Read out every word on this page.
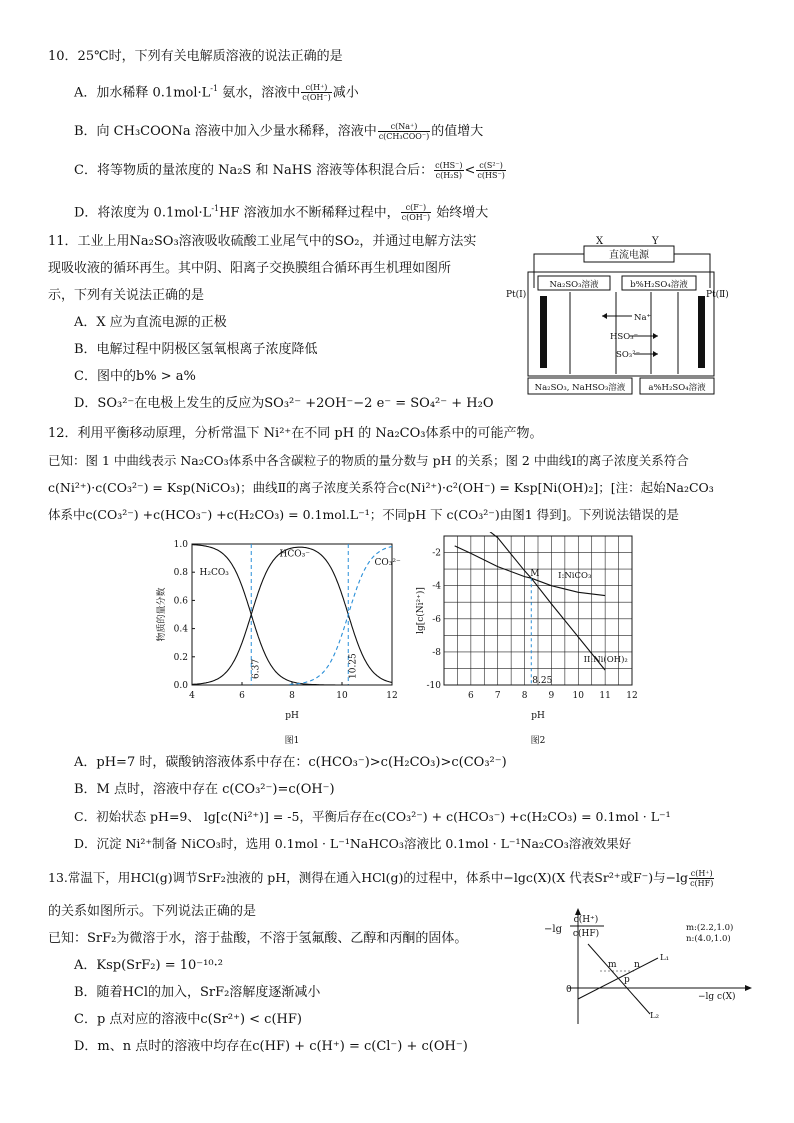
10．25℃时，下列有关电解质溶液的说法正确的是
A．加水稀释 $0.1mol\cdot L^{-1}$ 氨水，溶液中 $\frac{c(H^+)}{c(OH^-)}$ 减小
B．向 CH₃COONa 溶液中加入少量水稀释，溶液中 $\frac{c(Na^+)}{\text{c(CH₃COO⁻)}}$ 的值增大
C．将等物质的量浓度的 Na₂S 和 NaHS 溶液等体积混合后： $\frac{c(HS^-)}{\text{c(H₂S)}} < \frac{\text{c(S²⁻)}}{c(HS^-)}$
D．将浓度为 $0.1mol\cdot L^{-1}HF$ 溶液加水不断稀释过程中， $\frac{c(F^-)}{c(OH^-)}$ 始终增大
11．工业上用Na₂SO₃溶液吸收硫酸工业尾气中的SO₂，并通过电解方法实
现吸收液的循环再生。其中阴、阳离子交换膜组合循环再生机理如图所
示，下列有关说法正确的是
A．X 应为直流电源的正极
B．电解过程中阴极区氢氧根离子浓度降低
C．图中的b% > a%
D．SO₃²⁻在电极上发生的反应为SO₃²⁻ +2OH⁻−2 e⁻ = SO₄²⁻ + H₂O
直流电源
X	Y
Na₂SO₃溶液	b%H₂SO₄溶液
Pt(Ⅰ)	Pt(Ⅱ)
Na⁺
HSO₃⁻
SO₃²⁻
Na₂SO₃, NaHSO₃溶液	a%H₂SO₄溶液
12．利用平衡移动原理，分析常温下 Ni²⁺在不同 pH 的 Na₂CO₃体系中的可能产物。
已知：图 1 中曲线表示 Na₂CO₃体系中各含碳粒子的物质的量分数与 pH 的关系；图 2 中曲线Ⅰ的离子浓度关系符合
c(Ni²⁺)·c(CO₃²⁻) = Ksp(NiCO₃)；曲线Ⅱ的离子浓度关系符合c(Ni²⁺)·c²(OH⁻) = Ksp[Ni(OH)₂]；[注：起始Na₂CO₃
体系中c(CO₃²⁻) +c(HCO₃⁻) +c(H₂CO₃) = 0.1mol.L⁻¹；不同pH 下 c(CO₃²⁻)由图1 得到]。下列说法错误的是
4	6	8	10	12
0.0
0.2
0.4
0.6
0.8
1.0
6.37	10.25
H₂CO₃
HCO₃⁻
CO₃²⁻
pH
图1
物质的量分数
6 7 8 9 10 11 12
-2
-4
-6
-8
-10
M
8.25
I:NiCO₃
II:Ni(OH)₂
pH
图2
lg[c(Ni²⁺)]
A．pH=7 时，碳酸钠溶液体系中存在：c(HCO₃⁻)>c(H₂CO₃)>c(CO₃²⁻)
B．M 点时，溶液中存在 c(CO₃²⁻)=c(OH⁻)
C．初始状态 pH=9、 lg[c(Ni²⁺)] = -5，平衡后存在c(CO₃²⁻) + c(HCO₃⁻) +c(H₂CO₃) = 0.1mol · L⁻¹
D．沉淀 Ni²⁺制备 NiCO₃时，选用 0.1mol · L⁻¹NaHCO₃溶液比 0.1mol · L⁻¹Na₂CO₃溶液效果好
13.常温下，用HCl(g)调节SrF₂浊液的 pH，测得在通入HCl(g)的过程中，体系中−lgc(X)(X 代表Sr²⁺或F⁻)与$-\lg \frac{c(H^+)}{c(HF)}$
的关系如图所示。下列说法正确的是
已知：SrF₂为微溶于水，溶于盐酸，不溶于氢氟酸、乙醇和丙酮的固体。
A．Ksp(SrF₂) = 10⁻¹⁰·²
B．随着HCl的加入，SrF₂溶解度逐渐减小
C．p 点对应的溶液中c(Sr²⁺) < c(HF)
D．m、n 点时的溶液中均存在c(HF) + c(H⁺) = c(Cl⁻) + c(OH⁻)
−lg
c(H⁺)
c(HF)
m:(2.2,1.0)
n:(4.0,1.0)
0
−lg c(X)
L₁
L₂
m n
p
